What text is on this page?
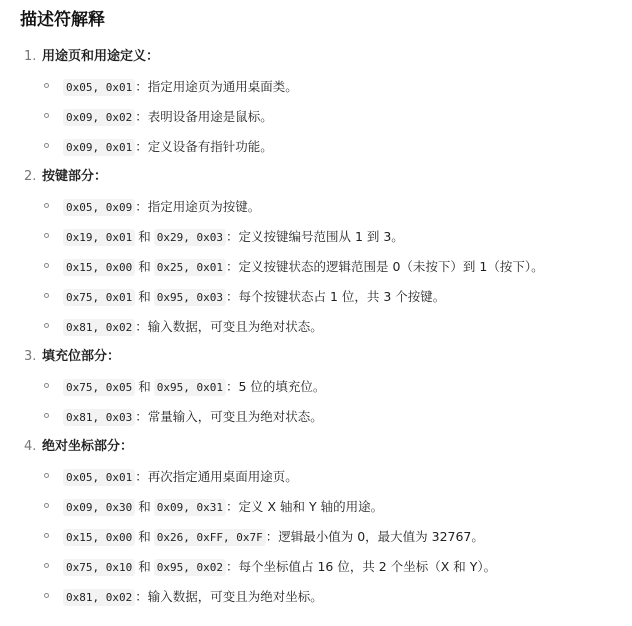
描述符解释
1. 用途页和用途定义：
0x05, 0x01 ：指定用途页为通用桌面类。
0x09, 0x02 ：表明设备用途是鼠标。
0x09, 0x01 ：定义设备有指针功能。
2. 按键部分：
0x05, 0x09 ：指定用途页为按键。
0x19, 0x01 和 0x29, 0x03 ：定义按键编号范围从 1 到 3。
0x15, 0x00 和 0x25, 0x01 ：定义按键状态的逻辑范围是 0（未按下）到 1（按下）。
0x75, 0x01 和 0x95, 0x03 ：每个按键状态占 1 位，共 3 个按键。
0x81, 0x02 ：输入数据，可变且为绝对状态。
3. 填充位部分：
0x75, 0x05 和 0x95, 0x01 ：5 位的填充位。
0x81, 0x03 ：常量输入，可变且为绝对状态。
4. 绝对坐标部分：
0x05, 0x01 ：再次指定通用桌面用途页。
0x09, 0x30 和 0x09, 0x31 ：定义 X 轴和 Y 轴的用途。
0x15, 0x00 和 0x26, 0xFF, 0x7F ：逻辑最小值为 0，最大值为 32767。
0x75, 0x10 和 0x95, 0x02 ：每个坐标值占 16 位，共 2 个坐标（X 和 Y）。
0x81, 0x02 ：输入数据，可变且为绝对坐标。
